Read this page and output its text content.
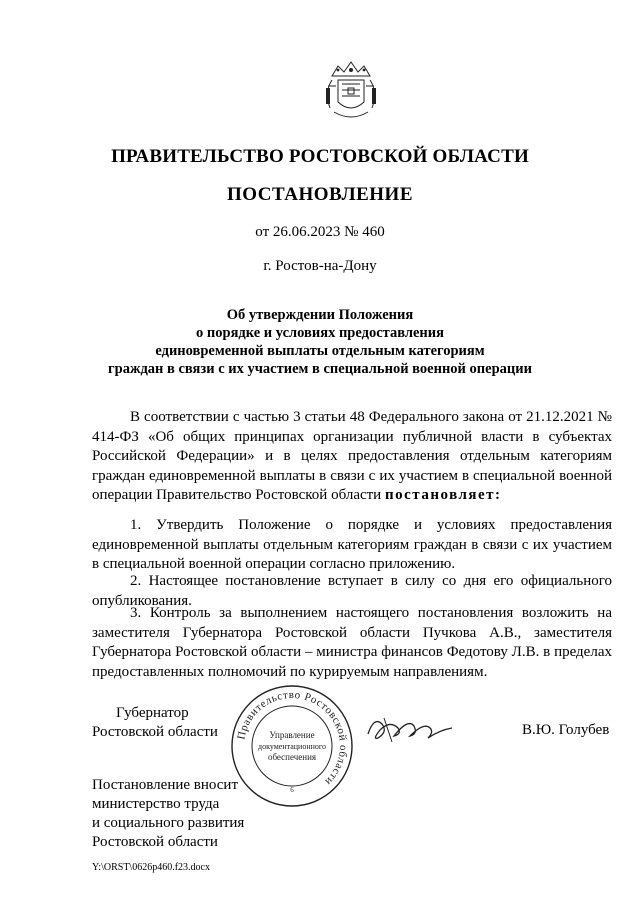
ПРАВИТЕЛЬСТВО РОСТОВСКОЙ ОБЛАСТИ
ПОСТАНОВЛЕНИЕ
от 26.06.2023 № 460
г. Ростов-на-Дону
Об утверждении Положения
о порядке и условиях предоставления
единовременной выплаты отдельным категориям
граждан в связи с их участием в специальной военной операции

В соответствии с частью 3 статьи 48 Федерального закона от 21.12.2021 № 414-ФЗ «Об общих принципах организации публичной власти в субъектах Российской Федерации» и в целях предоставления отдельным категориям граждан единовременной выплаты в связи с их участием в специальной военной операции Правительство Ростовской области постановляет:

1. Утвердить Положение о порядке и условиях предоставления единовременной выплаты отдельным категориям граждан в связи с их участием в специальной военной операции согласно приложению.

2. Настоящее постановление вступает в силу со дня его официального опубликования.

3. Контроль за выполнением настоящего постановления возложить на заместителя Губернатора Ростовской области Пучкова А.В., заместителя Губернатора Ростовской области – министра финансов Федотову Л.В. в пределах предоставленных полномочий по курируемым направлениям.

Губернатор
Ростовской области Правительство Ростовской области
Управление
документационного
обеспечения
6
В.Ю. Голубев
Постановление вносит
министерство труда
и социального развития
Ростовской области
Y:\ORST\0626p460.f23.docx
